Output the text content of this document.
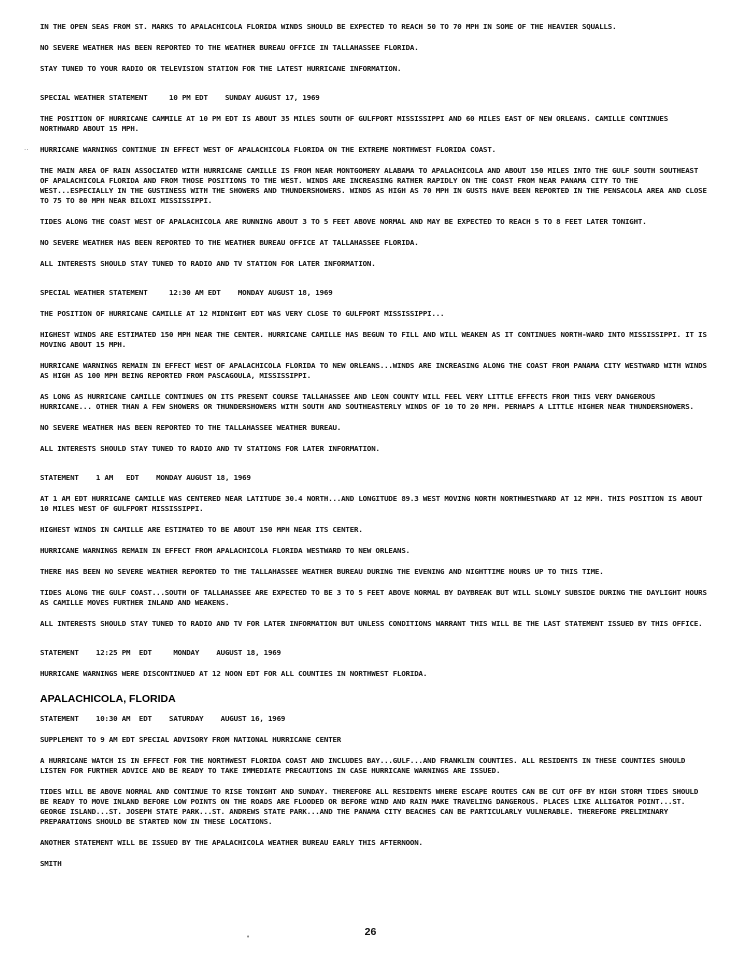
IN THE OPEN SEAS FROM ST. MARKS TO APALACHICOLA FLORIDA WINDS SHOULD BE EXPECTED TO REACH 50 TO 70 MPH IN SOME OF THE HEAVIER SQUALLS.

NO SEVERE WEATHER HAS BEEN REPORTED TO THE WEATHER BUREAU OFFICE IN TALLAHASSEE FLORIDA.

STAY TUNED TO YOUR RADIO OR TELEVISION STATION FOR THE LATEST HURRICANE INFORMATION.

SPECIAL WEATHER STATEMENT     10 PM EDT    SUNDAY AUGUST 17, 1969

THE POSITION OF HURRICANE CAMMILE AT 10 PM EDT IS ABOUT 35 MILES SOUTH OF GULFPORT MISSISSIPPI AND 60 MILES EAST OF NEW ORLEANS. CAMILLE CONTINUES NORTHWARD ABOUT 15 MPH.

HURRICANE WARNINGS CONTINUE IN EFFECT WEST OF APALACHICOLA FLORIDA ON THE EXTREME NORTHWEST FLORIDA COAST.

THE MAIN AREA OF RAIN ASSOCIATED WITH HURRICANE CAMILLE IS FROM NEAR MONTGOMERY ALABAMA TO APALACHICOLA AND ABOUT 150 MILES INTO THE GULF SOUTH SOUTHEAST OF APALACHICOLA FLORIDA AND FROM THOSE POSITIONS TO THE WEST. WINDS ARE INCREASING RATHER RAPIDLY ON THE COAST FROM NEAR PANAMA CITY TO THE WEST...ESPECIALLY IN THE GUSTINESS WITH THE SHOWERS AND THUNDERSHOWERS. WINDS AS HIGH AS 70 MPH IN GUSTS HAVE BEEN REPORTED IN THE PENSACOLA AREA AND CLOSE TO 75 TO 80 MPH NEAR BILOXI MISSISSIPPI.

TIDES ALONG THE COAST WEST OF APALACHICOLA ARE RUNNING ABOUT 3 TO 5 FEET ABOVE NORMAL AND MAY BE EXPECTED TO REACH 5 TO 8 FEET LATER TONIGHT.

NO SEVERE WEATHER HAS BEEN REPORTED TO THE WEATHER BUREAU OFFICE AT TALLAHASSEE FLORIDA.

ALL INTERESTS SHOULD STAY TUNED TO RADIO AND TV STATION FOR LATER INFORMATION.

SPECIAL WEATHER STATEMENT     12:30 AM EDT    MONDAY AUGUST 18, 1969

THE POSITION OF HURRICANE CAMILLE AT 12 MIDNIGHT EDT WAS VERY CLOSE TO GULFPORT MISSISSIPPI...

HIGHEST WINDS ARE ESTIMATED 150 MPH NEAR THE CENTER. HURRICANE CAMILLE HAS BEGUN TO FILL AND WILL WEAKEN AS IT CONTINUES NORTH-WARD INTO MISSISSIPPI. IT IS MOVING ABOUT 15 MPH.

HURRICANE WARNINGS REMAIN IN EFFECT WEST OF APALACHICOLA FLORIDA TO NEW ORLEANS...WINDS ARE INCREASING ALONG THE COAST FROM PANAMA CITY WESTWARD WITH WINDS AS HIGH AS 100 MPH BEING REPORTED FROM PASCAGOULA, MISSISSIPPI.

AS LONG AS HURRICANE CAMILLE CONTINUES ON ITS PRESENT COURSE TALLAHASSEE AND LEON COUNTY WILL FEEL VERY LITTLE EFFECTS FROM THIS VERY DANGEROUS HURRICANE... OTHER THAN A FEW SHOWERS OR THUNDERSHOWERS WITH SOUTH AND SOUTHEASTERLY WINDS OF 10 TO 20 MPH. PERHAPS A LITTLE HIGHER NEAR THUNDERSHOWERS.

NO SEVERE WEATHER HAS BEEN REPORTED TO THE TALLAHASSEE WEATHER BUREAU.

ALL INTERESTS SHOULD STAY TUNED TO RADIO AND TV STATIONS FOR LATER INFORMATION.

STATEMENT    1 AM   EDT    MONDAY AUGUST 18, 1969

AT 1 AM EDT HURRICANE CAMILLE WAS CENTERED NEAR LATITUDE 30.4 NORTH...AND LONGITUDE 89.3 WEST MOVING NORTH NORTHWESTWARD AT 12 MPH. THIS POSITION IS ABOUT 10 MILES WEST OF GULFPORT MISSISSIPPI.

HIGHEST WINDS IN CAMILLE ARE ESTIMATED TO BE ABOUT 150 MPH NEAR ITS CENTER.

HURRICANE WARNINGS REMAIN IN EFFECT FROM APALACHICOLA FLORIDA WESTWARD TO NEW ORLEANS.

THERE HAS BEEN NO SEVERE WEATHER REPORTED TO THE TALLAHASSEE WEATHER BUREAU DURING THE EVENING AND NIGHTTIME HOURS UP TO THIS TIME.

TIDES ALONG THE GULF COAST...SOUTH OF TALLAHASSEE ARE EXPECTED TO BE 3 TO 5 FEET ABOVE NORMAL BY DAYBREAK BUT WILL SLOWLY SUBSIDE DURING THE DAYLIGHT HOURS AS CAMILLE MOVES FURTHER INLAND AND WEAKENS.

ALL INTERESTS SHOULD STAY TUNED TO RADIO AND TV FOR LATER INFORMATION BUT UNLESS CONDITIONS WARRANT THIS WILL BE THE LAST STATEMENT ISSUED BY THIS OFFICE.

STATEMENT    12:25 PM  EDT     MONDAY    AUGUST 18, 1969

HURRICANE WARNINGS WERE DISCONTINUED AT 12 NOON EDT FOR ALL COUNTIES IN NORTHWEST FLORIDA.

APALACHICOLA, FLORIDA

STATEMENT    10:30 AM  EDT    SATURDAY    AUGUST 16, 1969

SUPPLEMENT TO 9 AM EDT SPECIAL ADVISORY FROM NATIONAL HURRICANE CENTER

A HURRICANE WATCH IS IN EFFECT FOR THE NORTHWEST FLORIDA COAST AND INCLUDES BAY...GULF...AND FRANKLIN COUNTIES. ALL RESIDENTS IN THESE COUNTIES SHOULD LISTEN FOR FURTHER ADVICE AND BE READY TO TAKE IMMEDIATE PRECAUTIONS IN CASE HURRICANE WARNINGS ARE ISSUED.

TIDES WILL BE ABOVE NORMAL AND CONTINUE TO RISE TONIGHT AND SUNDAY. THEREFORE ALL RESIDENTS WHERE ESCAPE ROUTES CAN BE CUT OFF BY HIGH STORM TIDES SHOULD BE READY TO MOVE INLAND BEFORE LOW POINTS ON THE ROADS ARE FLOODED OR BEFORE WIND AND RAIN MAKE TRAVELING DANGEROUS. PLACES LIKE ALLIGATOR POINT...ST. GEORGE ISLAND...ST. JOSEPH STATE PARK...ST. ANDREWS STATE PARK...AND THE PANAMA CITY BEACHES CAN BE PARTICULARLY VULNERABLE. THEREFORE PRELIMINARY PREPARATIONS SHOULD BE STARTED NOW IN THESE LOCATIONS.

ANOTHER STATEMENT WILL BE ISSUED BY THE APALACHICOLA WEATHER BUREAU EARLY THIS AFTERNOON.

SMITH

26
..
•
